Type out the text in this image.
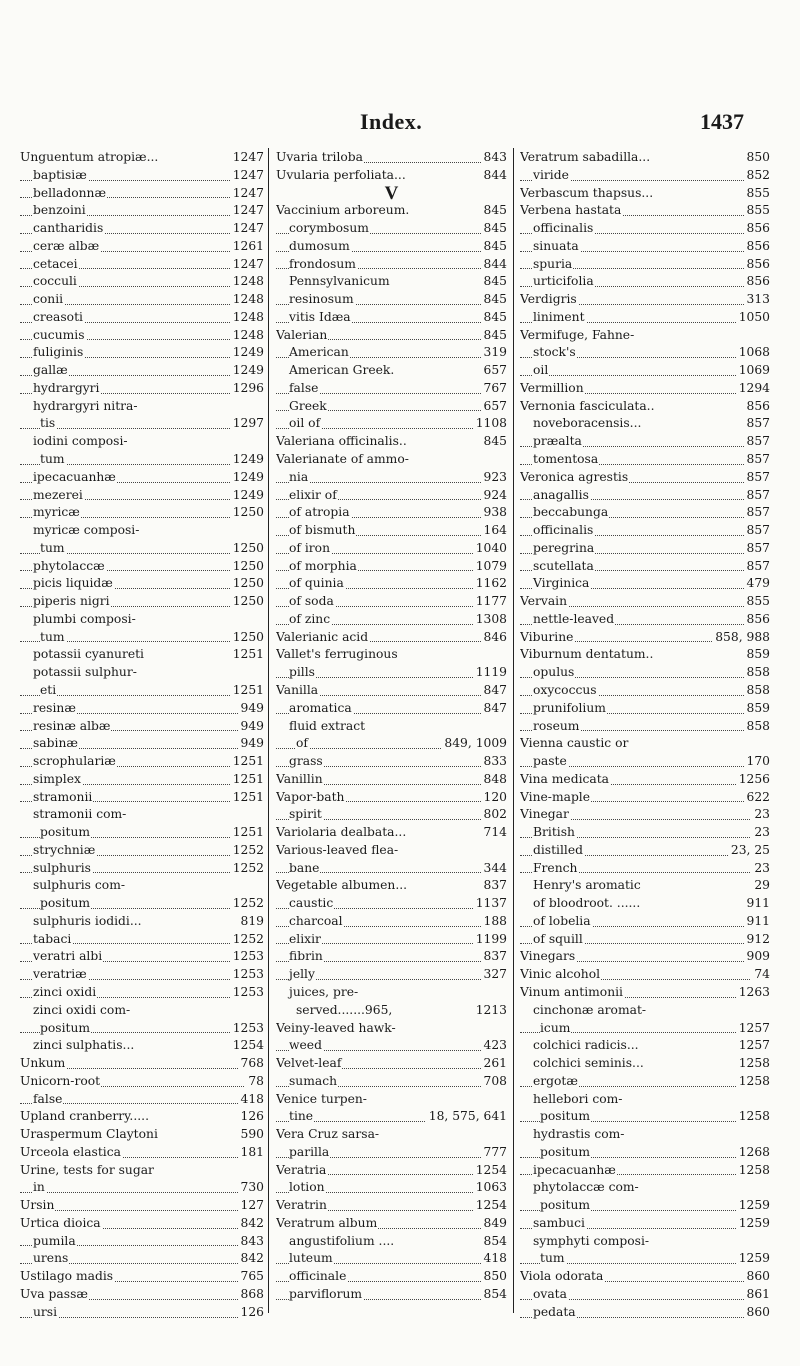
Index.	1437
Unguentum atropiæ...	1247
baptisiæ	1247
belladonnæ	1247
benzoini	1247
cantharidis	1247
ceræ albæ	1261
cetacei	1247
cocculi	1248
conii	1248
creasoti	1248
cucumis	1248
fuliginis	1249
gallæ	1249
hydrargyri	1296
hydrargyri nitra-
tis	1297
iodini composi-
tum	1249
ipecacuanhæ	1249
mezerei	1249
myricæ	1250
myricæ composi-
tum	1250
phytolaccæ	1250
picis liquidæ	1250
piperis nigri	1250
plumbi composi-
tum	1250
potassii cyanureti	1251
potassii sulphur-
eti	1251
resinæ	949
resinæ albæ	949
sabinæ	949
scrophulariæ	1251
simplex	1251
stramonii	1251
stramonii com-
positum	1251
strychniæ	1252
sulphuris	1252
sulphuris com-
positum	1252
sulphuris iodidi...	819
tabaci	1252
veratri albi	1253
veratriæ	1253
zinci oxidi	1253
zinci oxidi com-
positum	1253
zinci sulphatis...	1254
Unkum	768
Unicorn-root	78
false	418
Upland cranberry.....	126
Uraspermum Claytoni	590
Urceola elastica	181
Urine, tests for sugar
in	730
Ursin	127
Urtica dioica	842
pumila	843
urens	842
Ustilago madis	765
Uva passæ	868
ursi	126
Uvaria triloba	843
Uvularia perfoliata...	844
V
Vaccinium arboreum.	845
corymbosum	845
dumosum	845
frondosum	844
Pennsylvanicum	845
resinosum	845
vitis Idæa	845
Valerian	845
American	319
American Greek.	657
false	767
Greek	657
oil of	1108
Valeriana officinalis..	845
Valerianate of ammo-
nia	923
elixir of	924
of atropia	938
of bismuth	164
of iron	1040
of morphia	1079
of quinia	1162
of soda	1177
of zinc	1308
Valerianic acid	846
Vallet's ferruginous
pills	1119
Vanilla	847
aromatica	847
fluid extract
of	849, 1009
grass	833
Vanillin	848
Vapor-bath	120
spirit	802
Variolaria dealbata...	714
Various-leaved flea-
bane	344
Vegetable albumen...	837
caustic	1137
charcoal	188
elixir	1199
fibrin	837
jelly	327
juices, pre-
served.......965,	1213
Veiny-leaved hawk-
weed	423
Velvet-leaf	261
sumach	708
Venice turpen-
tine	18, 575, 641
Vera Cruz sarsa-
parilla	777
Veratria	1254
lotion	1063
Veratrin	1254
Veratrum album	849
angustifolium ....	854
luteum	418
officinale	850
parviflorum	854
Veratrum sabadilla...	850
viride	852
Verbascum thapsus...	855
Verbena hastata	855
officinalis	856
sinuata	856
spuria	856
urticifolia	856
Verdigris	313
liniment	1050
Vermifuge, Fahne-
stock's	1068
oil	1069
Vermillion	1294
Vernonia fasciculata..	856
noveboracensis...	857
præalta	857
tomentosa	857
Veronica agrestis	857
anagallis	857
beccabunga	857
officinalis	857
peregrina	857
scutellata	857
Virginica	479
Vervain	855
nettle-leaved	856
Viburine	858, 988
Viburnum dentatum..	859
opulus	858
oxycoccus	858
prunifolium	859
roseum	858
Vienna caustic or
paste	170
Vina medicata	1256
Vine-maple	622
Vinegar	23
British	23
distilled	23, 25
French	23
Henry's aromatic	29
of bloodroot. ......	911
of lobelia	911
of squill	912
Vinegars	909
Vinic alcohol	74
Vinum antimonii	1263
cinchonæ aromat-
icum	1257
colchici radicis...	1257
colchici seminis...	1258
ergotæ	1258
hellebori com-
positum	1258
hydrastis com-
positum	1268
ipecacuanhæ	1258
phytolaccæ com-
positum	1259
sambuci	1259
symphyti composi-
tum	1259
Viola odorata	860
ovata	861
pedata	860
